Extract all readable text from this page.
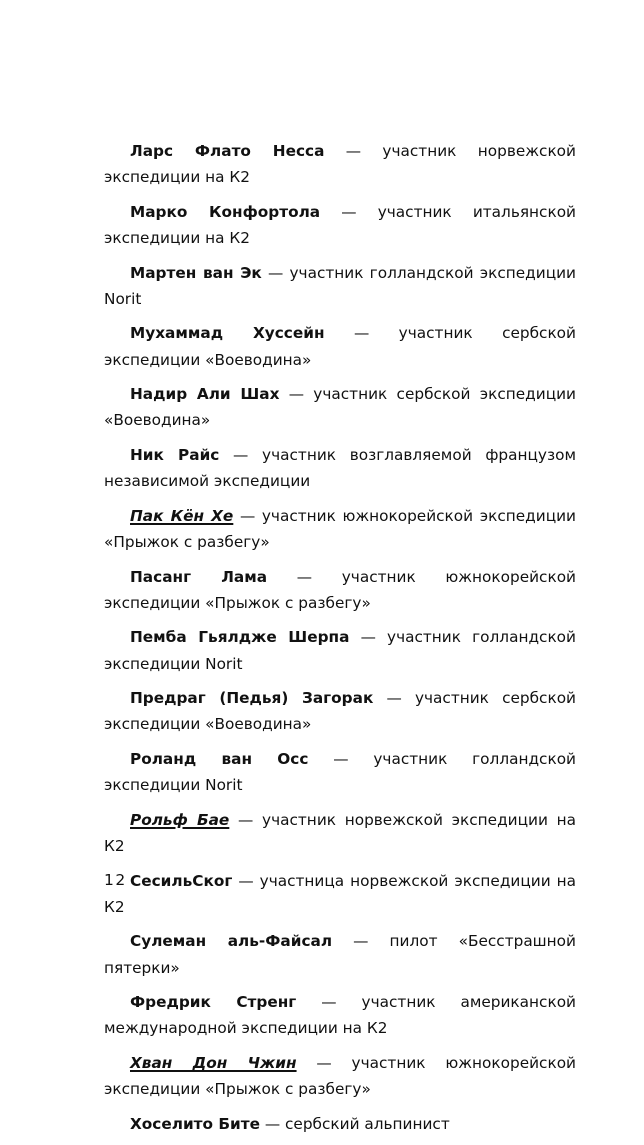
Ларс Флато Несса — участник норвежской экспедиции на К2
Марко Конфортола — участник итальянской экспедиции на К2
Мартен ван Эк — участник голландской экспедиции Norit
Мухаммад Хуссейн — участник сербской экспедиции «Воеводина»
Надир Али Шах — участник сербской экспедиции «Воеводина»
Ник Райс — участник возглавляемой французом независимой экспедиции
Пак Кён Хе — участник южнокорейской экспедиции «Прыжок с разбегу»
Пасанг Лама — участник южнокорейской экспедиции «Прыжок с разбегу»
Пемба Гьялдже Шерпа — участник голландской экспедиции Norit
Предраг (Педья) Загорак — участник сербской экспедиции «Воеводина»
Роланд ван Осс — участник голландской экспедиции Norit
Рольф Бае — участник норвежской экспедиции на К2
СесильСког — участница норвежской экспедиции на К2
Сулеман аль-Файсал — пилот «Бесстрашной пятерки»
Фредрик Стренг — участник американской международной экспедиции на К2
Хван Дон Чжин — участник южнокорейской экспедиции «Прыжок с разбегу»
Хоселито Бите — сербский альпинист
12
